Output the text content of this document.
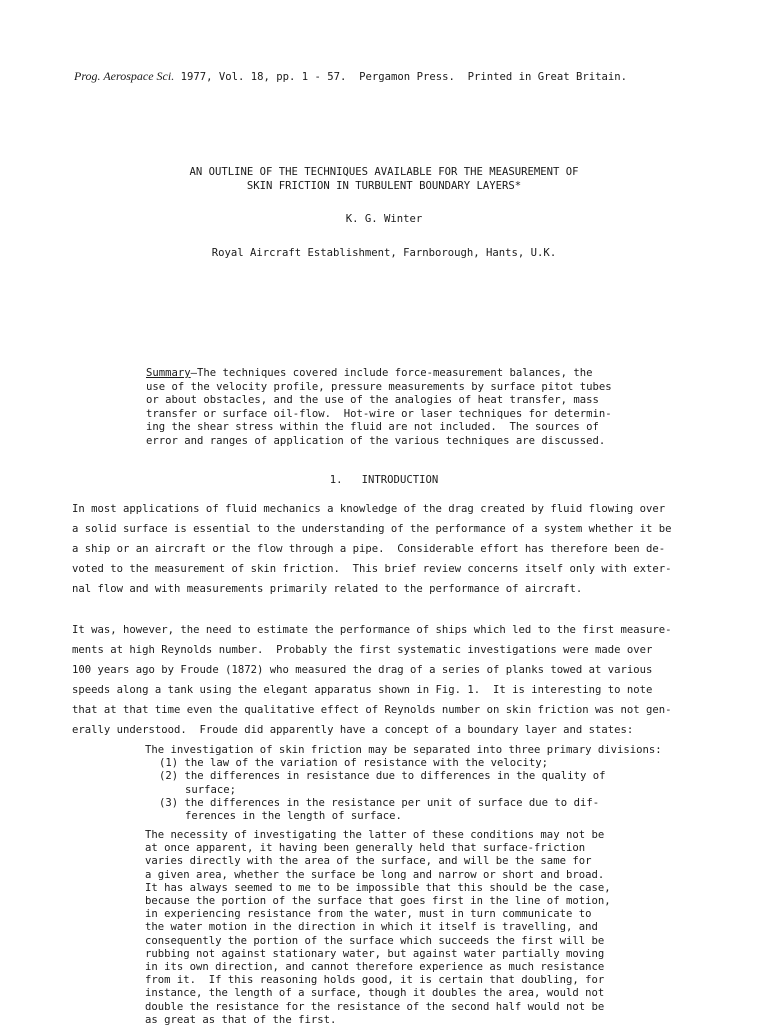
Prog. Aerospace Sci. 1977, Vol. 18, pp. 1 - 57.  Pergamon Press.  Printed in Great Britain.
AN OUTLINE OF THE TECHNIQUES AVAILABLE FOR THE MEASUREMENT OF
SKIN FRICTION IN TURBULENT BOUNDARY LAYERS*
K. G. Winter
Royal Aircraft Establishment, Farnborough, Hants, U.K.
Summary—The techniques covered include force-measurement balances, the
use of the velocity profile, pressure measurements by surface pitot tubes
or about obstacles, and the use of the analogies of heat transfer, mass
transfer or surface oil-flow.  Hot-wire or laser techniques for determin-
ing the shear stress within the fluid are not included.  The sources of
error and ranges of application of the various techniques are discussed.
1.   INTRODUCTION
In most applications of fluid mechanics a knowledge of the drag created by fluid flowing over
a solid surface is essential to the understanding of the performance of a system whether it be
a ship or an aircraft or the flow through a pipe.  Considerable effort has therefore been de-
voted to the measurement of skin friction.  This brief review concerns itself only with exter-
nal flow and with measurements primarily related to the performance of aircraft.
It was, however, the need to estimate the performance of ships which led to the first measure-
ments at high Reynolds number.  Probably the first systematic investigations were made over
100 years ago by Froude (1872) who measured the drag of a series of planks towed at various
speeds along a tank using the elegant apparatus shown in Fig. 1.  It is interesting to note
that at that time even the qualitative effect of Reynolds number on skin friction was not gen-
erally understood.  Froude did apparently have a concept of a boundary layer and states:
The investigation of skin friction may be separated into three primary divisions:
(1) the law of the variation of resistance with the velocity;
(2) the differences in resistance due to differences in the quality of
surface;
(3) the differences in the resistance per unit of surface due to dif-
ferences in the length of surface.
The necessity of investigating the latter of these conditions may not be
at once apparent, it having been generally held that surface-friction
varies directly with the area of the surface, and will be the same for
a given area, whether the surface be long and narrow or short and broad.
It has always seemed to me to be impossible that this should be the case,
because the portion of the surface that goes first in the line of motion,
in experiencing resistance from the water, must in turn communicate to
the water motion in the direction in which it itself is travelling, and
consequently the portion of the surface which succeeds the first will be
rubbing not against stationary water, but against water partially moving
in its own direction, and cannot therefore experience as much resistance
from it.  If this reasoning holds good, it is certain that doubling, for
instance, the length of a surface, though it doubles the area, would not
double the resistance for the resistance of the second half would not be
as great as that of the first.
